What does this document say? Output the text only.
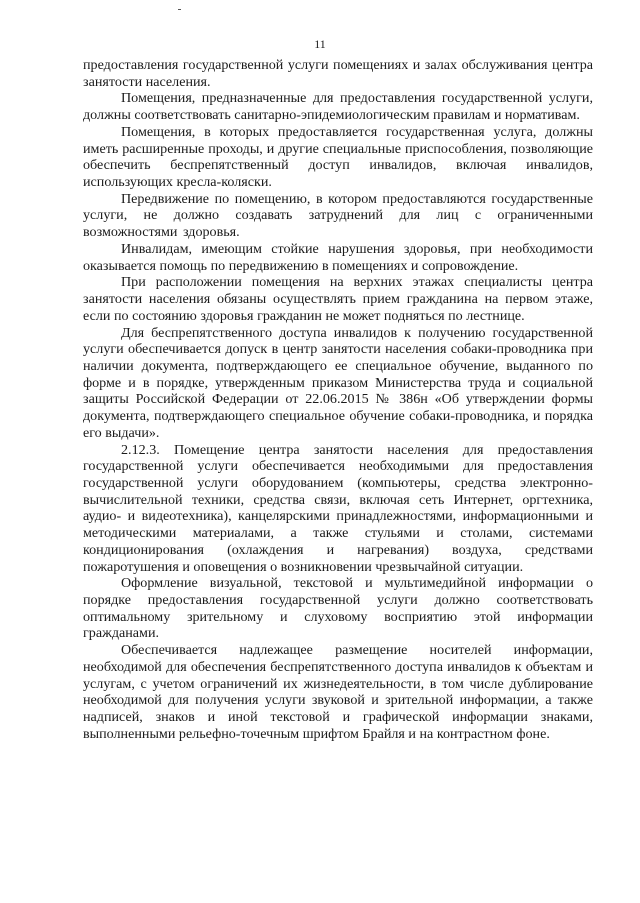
11

предоставления государственной услуги помещениях и залах обслуживания центра занятости населения.

Помещения, предназначенные для предоставления государственной услуги, должны соответствовать санитарно-эпидемиологическим правилам и нормативам.

Помещения, в которых предоставляется государственная услуга, должны иметь расширенные проходы, и другие специальные приспособления, позволяющие обеспечить беспрепятственный доступ инвалидов, включая инвалидов, использующих кресла-коляски.

Передвижение по помещению, в котором предоставляются государственные услуги, не должно создавать затруднений для лиц с ограниченными возможностями здоровья.

Инвалидам, имеющим стойкие нарушения здоровья, при необходимости оказывается помощь по передвижению в помещениях и сопровождение.

При расположении помещения на верхних этажах специалисты центра занятости населения обязаны осуществлять прием гражданина на первом этаже, если по состоянию здоровья гражданин не может подняться по лестнице.

Для беспрепятственного доступа инвалидов к получению государственной услуги обеспечивается допуск в центр занятости населения собаки-проводника при наличии документа, подтверждающего ее специальное обучение, выданного по форме и в порядке, утвержденным приказом Министерства труда и социальной защиты Российской Федерации от 22.06.2015 № 386н «Об утверждении формы документа, подтверждающего специальное обучение собаки-проводника, и порядка его выдачи».

2.12.3. Помещение центра занятости населения для предоставления государственной услуги обеспечивается необходимыми для предоставления государственной услуги оборудованием (компьютеры, средства электронно-вычислительной техники, средства связи, включая сеть Интернет, оргтехника, аудио- и видеотехника), канцелярскими принадлежностями, информационными и методическими материалами, а также стульями и столами, системами кондиционирования (охлаждения и нагревания) воздуха, средствами пожаротушения и оповещения о возникновении чрезвычайной ситуации.

Оформление визуальной, текстовой и мультимедийной информации о порядке предоставления государственной услуги должно соответствовать оптимальному зрительному и слуховому восприятию этой информации гражданами.

Обеспечивается надлежащее размещение носителей информации, необходимой для обеспечения беспрепятственного доступа инвалидов к объектам и услугам, с учетом ограничений их жизнедеятельности, в том числе дублирование необходимой для получения услуги звуковой и зрительной информации, а также надписей, знаков и иной текстовой и графической информации знаками, выполненными рельефно-точечным шрифтом Брайля и на контрастном фоне.
